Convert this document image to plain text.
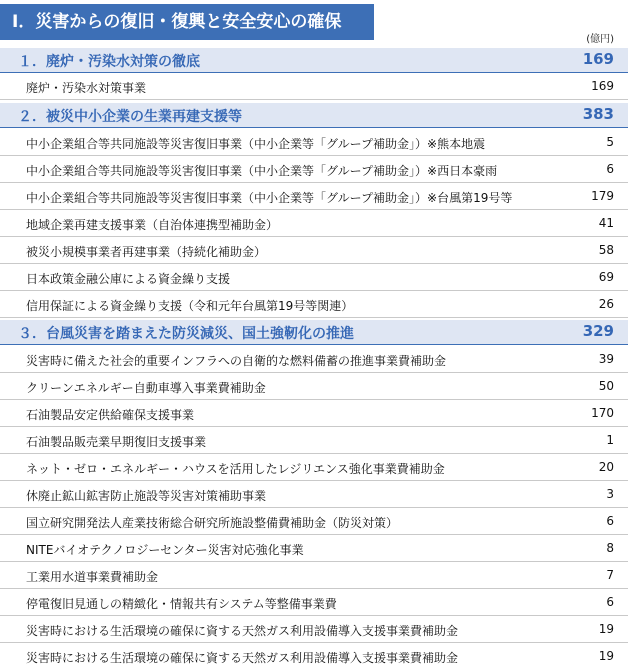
Ⅰ．災害からの復旧・復興と安全安心の確保
(億円)
１．廃炉・汚染水対策の徹底	169
廃炉・汚染水対策事業	169
２．被災中小企業の生業再建支援等	383
中小企業組合等共同施設等災害復旧事業（中小企業等「グループ補助金」）※熊本地震	5
中小企業組合等共同施設等災害復旧事業（中小企業等「グループ補助金」）※西日本豪雨	6
中小企業組合等共同施設等災害復旧事業（中小企業等「グループ補助金」）※台風第19号等	179
地域企業再建支援事業（自治体連携型補助金）	41
被災小規模事業者再建事業（持続化補助金）	58
日本政策金融公庫による資金繰り支援	69
信用保証による資金繰り支援（令和元年台風第19号等関連）	26
３．台風災害を踏まえた防災減災、国土強靭化の推進	329
災害時に備えた社会的重要インフラへの自衛的な燃料備蓄の推進事業費補助金	39
クリーンエネルギー自動車導入事業費補助金	50
石油製品安定供給確保支援事業	170
石油製品販売業早期復旧支援事業	1
ネット・ゼロ・エネルギー・ハウスを活用したレジリエンス強化事業費補助金	20
休廃止鉱山鉱害防止施設等災害対策補助事業	3
国立研究開発法人産業技術総合研究所施設整備費補助金（防災対策）	6
NITEバイオテクノロジーセンター災害対応強化事業	8
工業用水道事業費補助金	7
停電復旧見通しの精緻化・情報共有システム等整備事業費	6
災害時における生活環境の確保に資する天然ガス利用設備導入支援事業費補助金	19
災害時における生活環境の確保に資する天然ガス利用設備導入支援事業費補助金	19
